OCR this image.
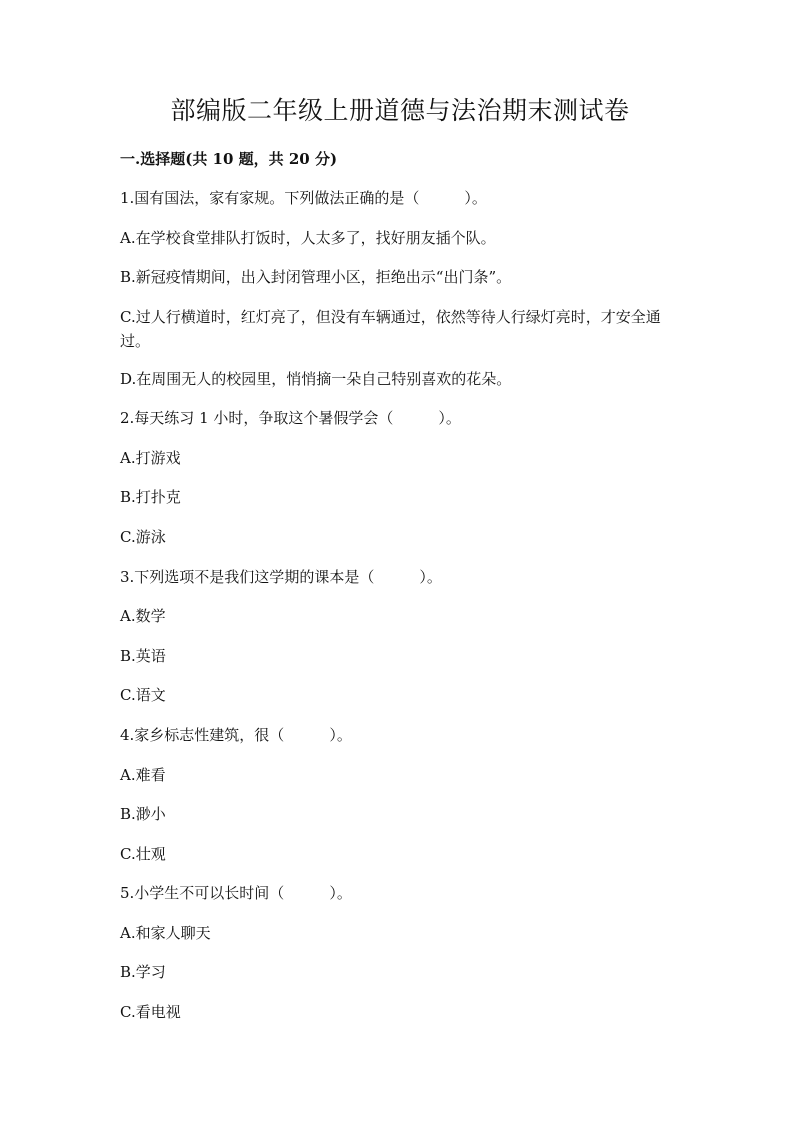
部编版二年级上册道德与法治期末测试卷
一.选择题(共 10 题，共 20 分)
1.国有国法，家有家规。下列做法正确的是（　　　）。
A.在学校食堂排队打饭时，人太多了，找好朋友插个队。
B.新冠疫情期间，出入封闭管理小区，拒绝出示“出门条”。
C.过人行横道时，红灯亮了，但没有车辆通过，依然等待人行绿灯亮时，才安全通过。
D.在周围无人的校园里，悄悄摘一朵自己特别喜欢的花朵。
2.每天练习 1 小时，争取这个暑假学会（　　　）。
A.打游戏
B.打扑克
C.游泳
3.下列选项不是我们这学期的课本是（　　　）。
A.数学
B.英语
C.语文
4.家乡标志性建筑，很（　　　）。
A.难看
B.渺小
C.壮观
5.小学生不可以长时间（　　　）。
A.和家人聊天
B.学习
C.看电视
